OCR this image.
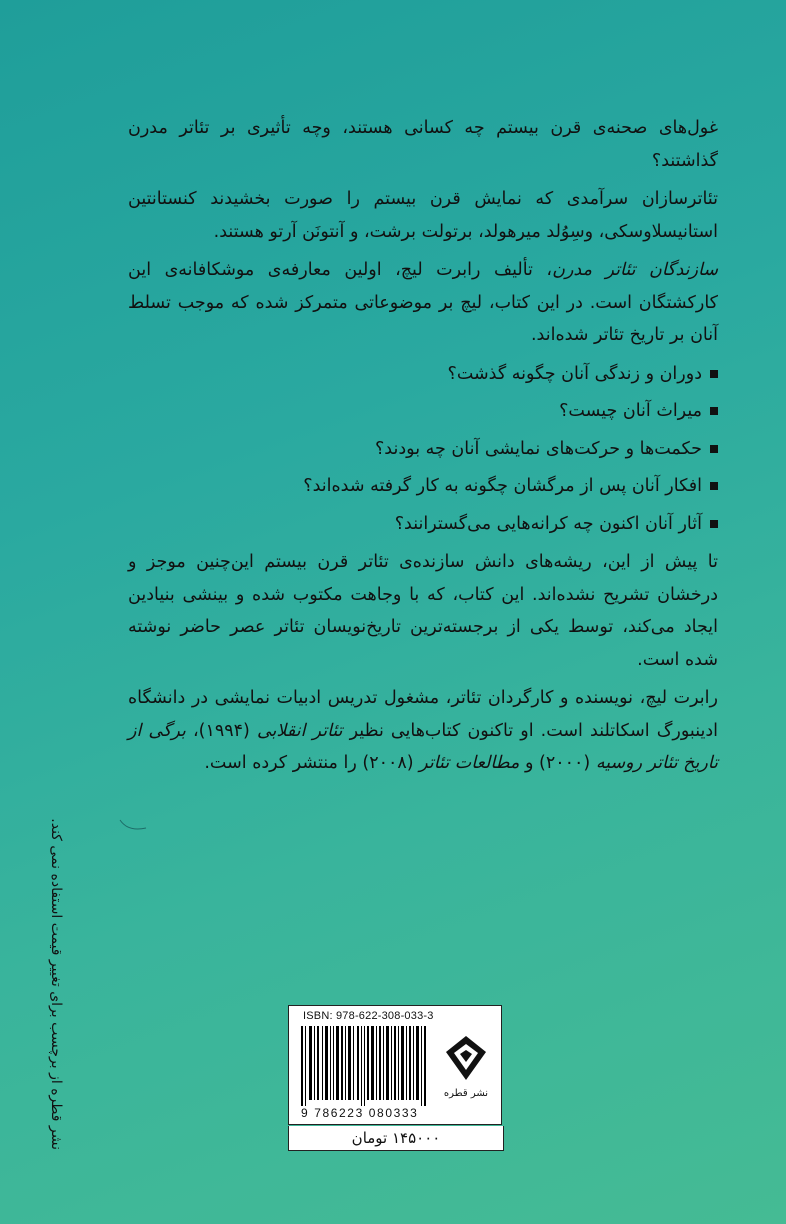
غول‌های صحنه‌ی قرن بیستم چه کسانی هستند، وچه تأثیری بر تئاتر مدرن گذاشتند؟

تئاترسازان سرآمدی که نمایش قرن بیستم را صورت بخشیدند کنستانتین استانیسلاوسکی، وسِوُلد میرهولد، برتولت برشت، و آنتونَن آرتو هستند.

سازندگان تئاتر مدرن، تألیف رابرت لیچ، اولین معارفه‌ی موشکافانه‌ی این کارکشتگان است. در این کتاب، لیچ بر موضوعاتی متمرکز شده که موجب تسلط آنان بر تاریخ تئاتر شده‌اند.

دوران و زندگی آنان چگونه گذشت؟
میراث آنان چیست؟
حکمت‌ها و حرکت‌های نمایشی آنان چه بودند؟
افکار آنان پس از مرگشان چگونه به کار گرفته شده‌اند؟
آثار آنان اکنون چه کرانه‌هایی می‌گسترانند؟

تا پیش از این، ریشه‌های دانش سازنده‌ی تئاتر قرن بیستم این‌چنین موجز و درخشان تشریح نشده‌اند. این کتاب، که با وجاهت مکتوب شده و بینشی بنیادین ایجاد می‌کند، توسط یکی از برجسته‌ترین تاریخ‌نویسان تئاتر عصر حاضر نوشته شده است.

رابرت لیچ، نویسنده و کارگردان تئاتر، مشغول تدریس ادبیات نمایشی در دانشگاه ادینبورگ اسکاتلند است. او تاکنون کتاب‌هایی نظیر تئاتر انقلابی (۱۹۹۴)، برگی از تاریخ تئاتر روسیه (۲۰۰۰) و مطالعات تئاتر (۲۰۰۸) را منتشر کرده است.

نشر قطره از برچسب برای تغییر قیمت استفاده نمی کند.	ISBN: 978-622-308-033-3
9 786223 080333
نشر قطره
۱۴۵۰۰۰ تومان
